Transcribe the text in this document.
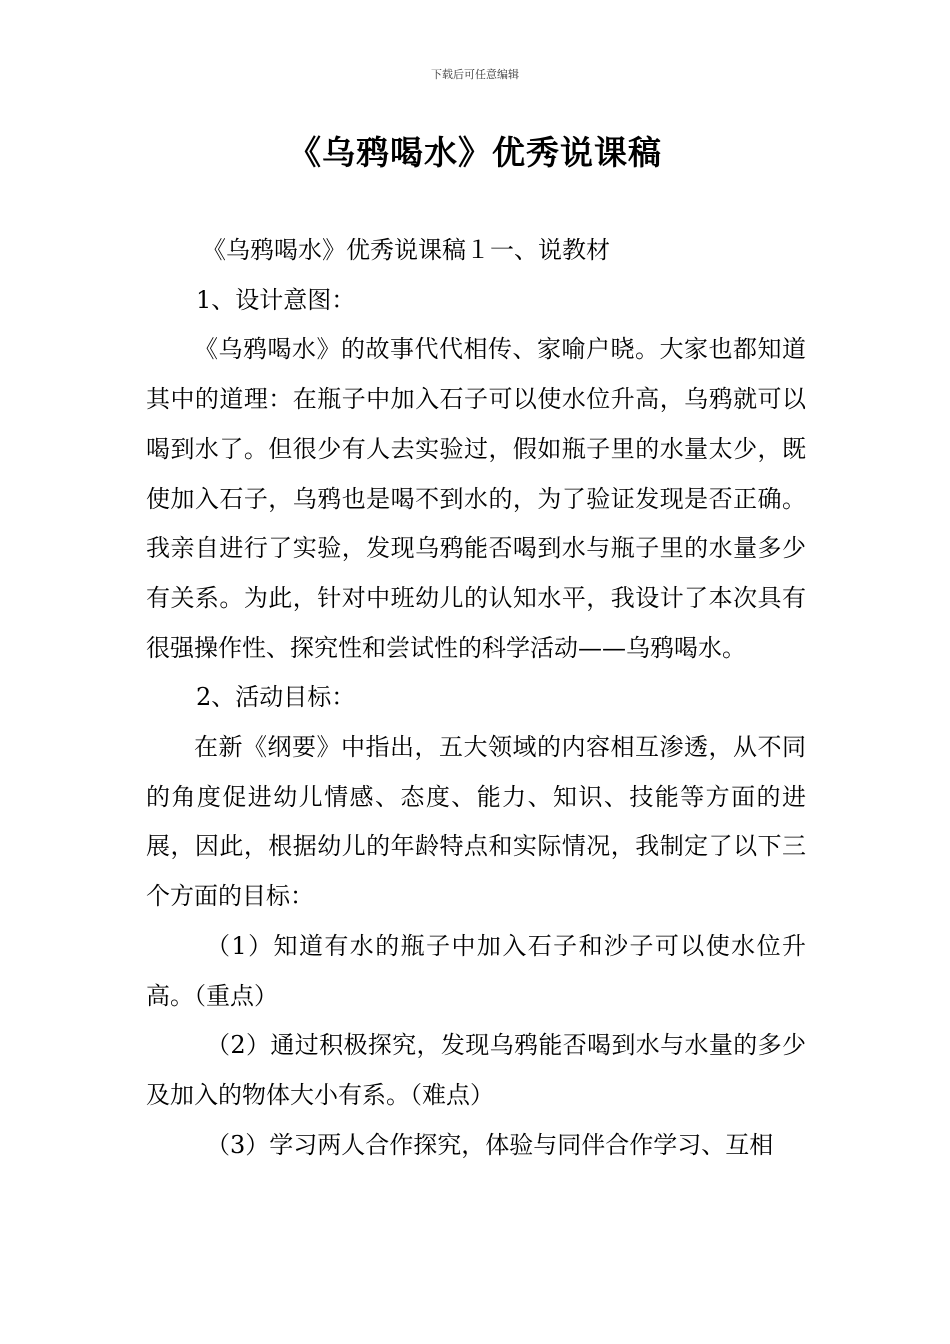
下载后可任意编辑
《乌鸦喝水》优秀说课稿

《乌鸦喝水》优秀说课稿１一、说教材

1、设计意图：

《乌鸦喝水》的故事代代相传、家喻户晓。大家也都知道其中的道理：在瓶子中加入石子可以使水位升高，乌鸦就可以喝到水了。但很少有人去实验过，假如瓶子里的水量太少，既使加入石子，乌鸦也是喝不到水的，为了验证发现是否正确。我亲自进行了实验，发现乌鸦能否喝到水与瓶子里的水量多少有关系。为此，针对中班幼儿的认知水平，我设计了本次具有很强操作性、探究性和尝试性的科学活动——乌鸦喝水。

2、活动目标：

在新《纲要》中指出，五大领域的内容相互渗透，从不同的角度促进幼儿情感、态度、能力、知识、技能等方面的进展，因此，根据幼儿的年龄特点和实际情况，我制定了以下三个方面的目标：

（1）知道有水的瓶子中加入石子和沙子可以使水位升高。（重点）

（2）通过积极探究，发现乌鸦能否喝到水与水量的多少及加入的物体大小有系。（难点）

（3）学习两人合作探究，体验与同伴合作学习、互相
